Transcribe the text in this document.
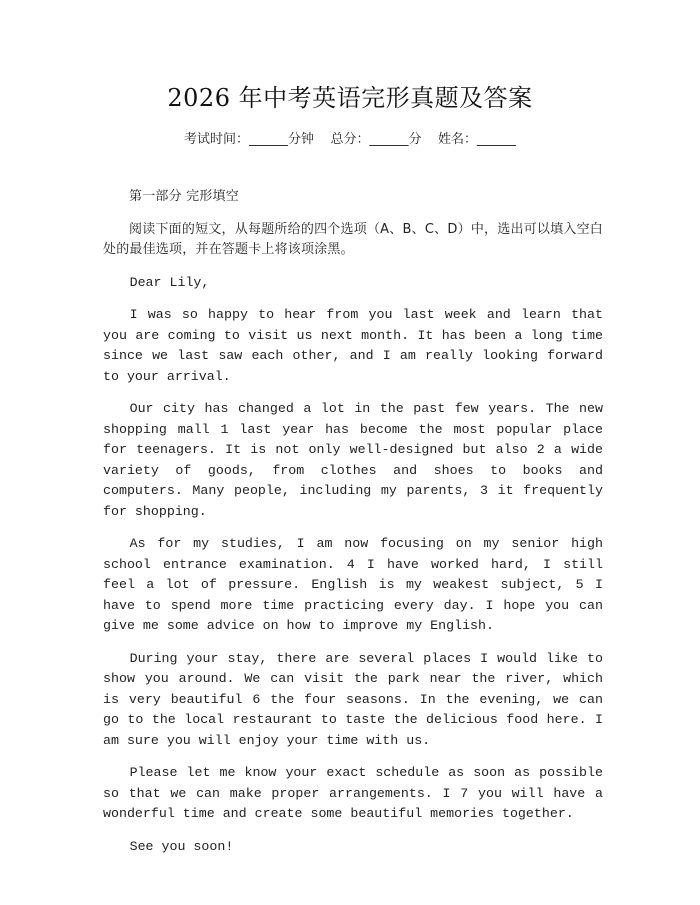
2026 年中考英语完形真题及答案
考试时间：______分钟    总分：______分    姓名：______

第一部分 完形填空

阅读下面的短文，从每题所给的四个选项（A、B、C、D）中，选出可以填入空白处的最佳选项，并在答题卡上将该项涂黑。

Dear Lily,

I was so happy to hear from you last week and learn that you are coming to visit us next month. It has been a long time since we last saw each other, and I am really looking forward to your arrival.

Our city has changed a lot in the past few years. The new shopping mall 1 last year has become the most popular place for teenagers. It is not only well-designed but also 2 a wide variety of goods, from clothes and shoes to books and computers. Many people, including my parents, 3 it frequently for shopping.

As for my studies, I am now focusing on my senior high school entrance examination. 4 I have worked hard, I still feel a lot of pressure. English is my weakest subject, 5 I have to spend more time practicing every day. I hope you can give me some advice on how to improve my English.

During your stay, there are several places I would like to show you around. We can visit the park near the river, which is very beautiful 6 the four seasons. In the evening, we can go to the local restaurant to taste the delicious food here. I am sure you will enjoy your time with us.

Please let me know your exact schedule as soon as possible so that we can make proper arrangements. I 7 you will have a wonderful time and create some beautiful memories together.

See you soon!
